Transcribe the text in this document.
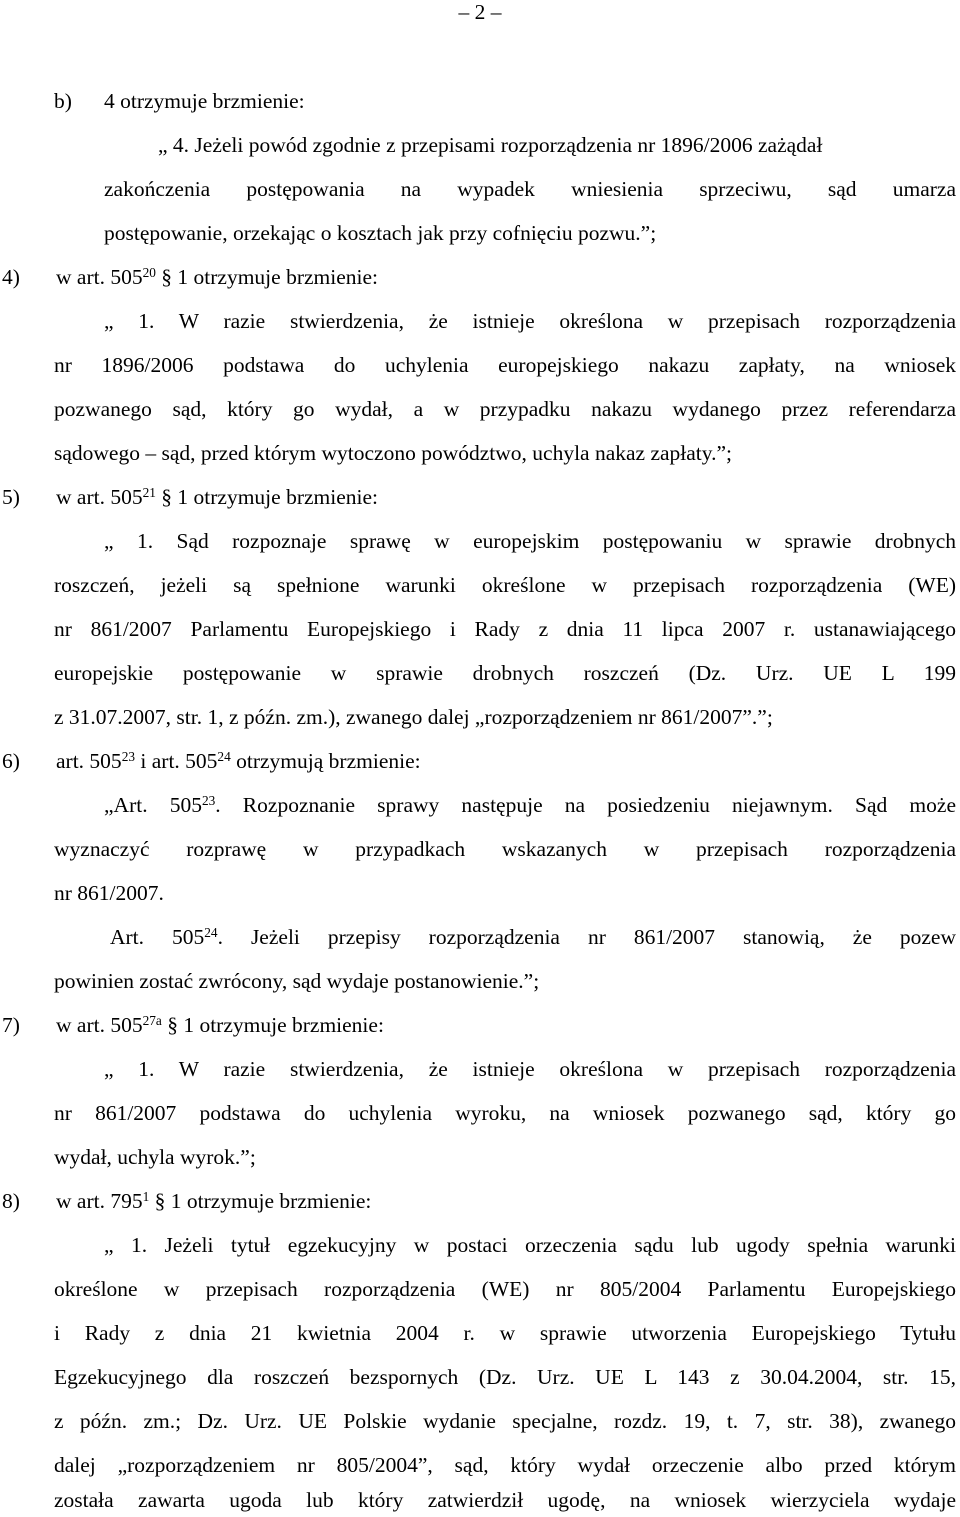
– 2 –
b) 4 otrzymuje brzmienie:
„ 4. Jeżeli powód zgodnie z przepisami rozporządzenia nr 1896/2006 zażądał
zakończenia postępowania na wypadek wniesienia sprzeciwu, sąd umarza
postępowanie, orzekając o kosztach jak przy cofnięciu pozwu.”;
4) w art. $505^{20}$ § 1 otrzymuje brzmienie:
„ 1. W razie stwierdzenia, że istnieje określona w przepisach rozporządzenia
nr 1896/2006 podstawa do uchylenia europejskiego nakazu zapłaty, na wniosek
pozwanego sąd, który go wydał, a w przypadku nakazu wydanego przez referendarza
sądowego – sąd, przed którym wytoczono powództwo, uchyla nakaz zapłaty.”;
5) w art. $505^{21}$ § 1 otrzymuje brzmienie:
„ 1. Sąd rozpoznaje sprawę w europejskim postępowaniu w sprawie drobnych
roszczeń, jeżeli są spełnione warunki określone w przepisach rozporządzenia (WE)
nr 861/2007 Parlamentu Europejskiego i Rady z dnia 11 lipca 2007 r. ustanawiającego
europejskie postępowanie w sprawie drobnych roszczeń (Dz. Urz. UE L 199
z 31.07.2007, str. 1, z późn. zm.), zwanego dalej „rozporządzeniem nr 861/2007”.”;
6) art. $505^{23}$ i art. $505^{24}$ otrzymują brzmienie:
„Art. $505^{23}$. Rozpoznanie sprawy następuje na posiedzeniu niejawnym. Sąd może
wyznaczyć rozprawę w przypadkach wskazanych w przepisach rozporządzenia
nr 861/2007.
Art. $505^{24}$. Jeżeli przepisy rozporządzenia nr 861/2007 stanowią, że pozew
powinien zostać zwrócony, sąd wydaje postanowienie.”;
7) w art. $505^{27a}$ § 1 otrzymuje brzmienie:
„ 1. W razie stwierdzenia, że istnieje określona w przepisach rozporządzenia
nr 861/2007 podstawa do uchylenia wyroku, na wniosek pozwanego sąd, który go
wydał, uchyla wyrok.”;
8) w art. $795^1$ § 1 otrzymuje brzmienie:
„ 1. Jeżeli tytuł egzekucyjny w postaci orzeczenia sądu lub ugody spełnia warunki
określone w przepisach rozporządzenia (WE) nr 805/2004 Parlamentu Europejskiego
i Rady z dnia 21 kwietnia 2004 r. w sprawie utworzenia Europejskiego Tytułu
Egzekucyjnego dla roszczeń bezspornych (Dz. Urz. UE L 143 z 30.04.2004, str. 15,
z późn. zm.; Dz. Urz. UE Polskie wydanie specjalne, rozdz. 19, t. 7, str. 38), zwanego
dalej „rozporządzeniem nr 805/2004”, sąd, który wydał orzeczenie albo przed którym
została zawarta ugoda lub który zatwierdził ugodę, na wniosek wierzyciela wydaje
